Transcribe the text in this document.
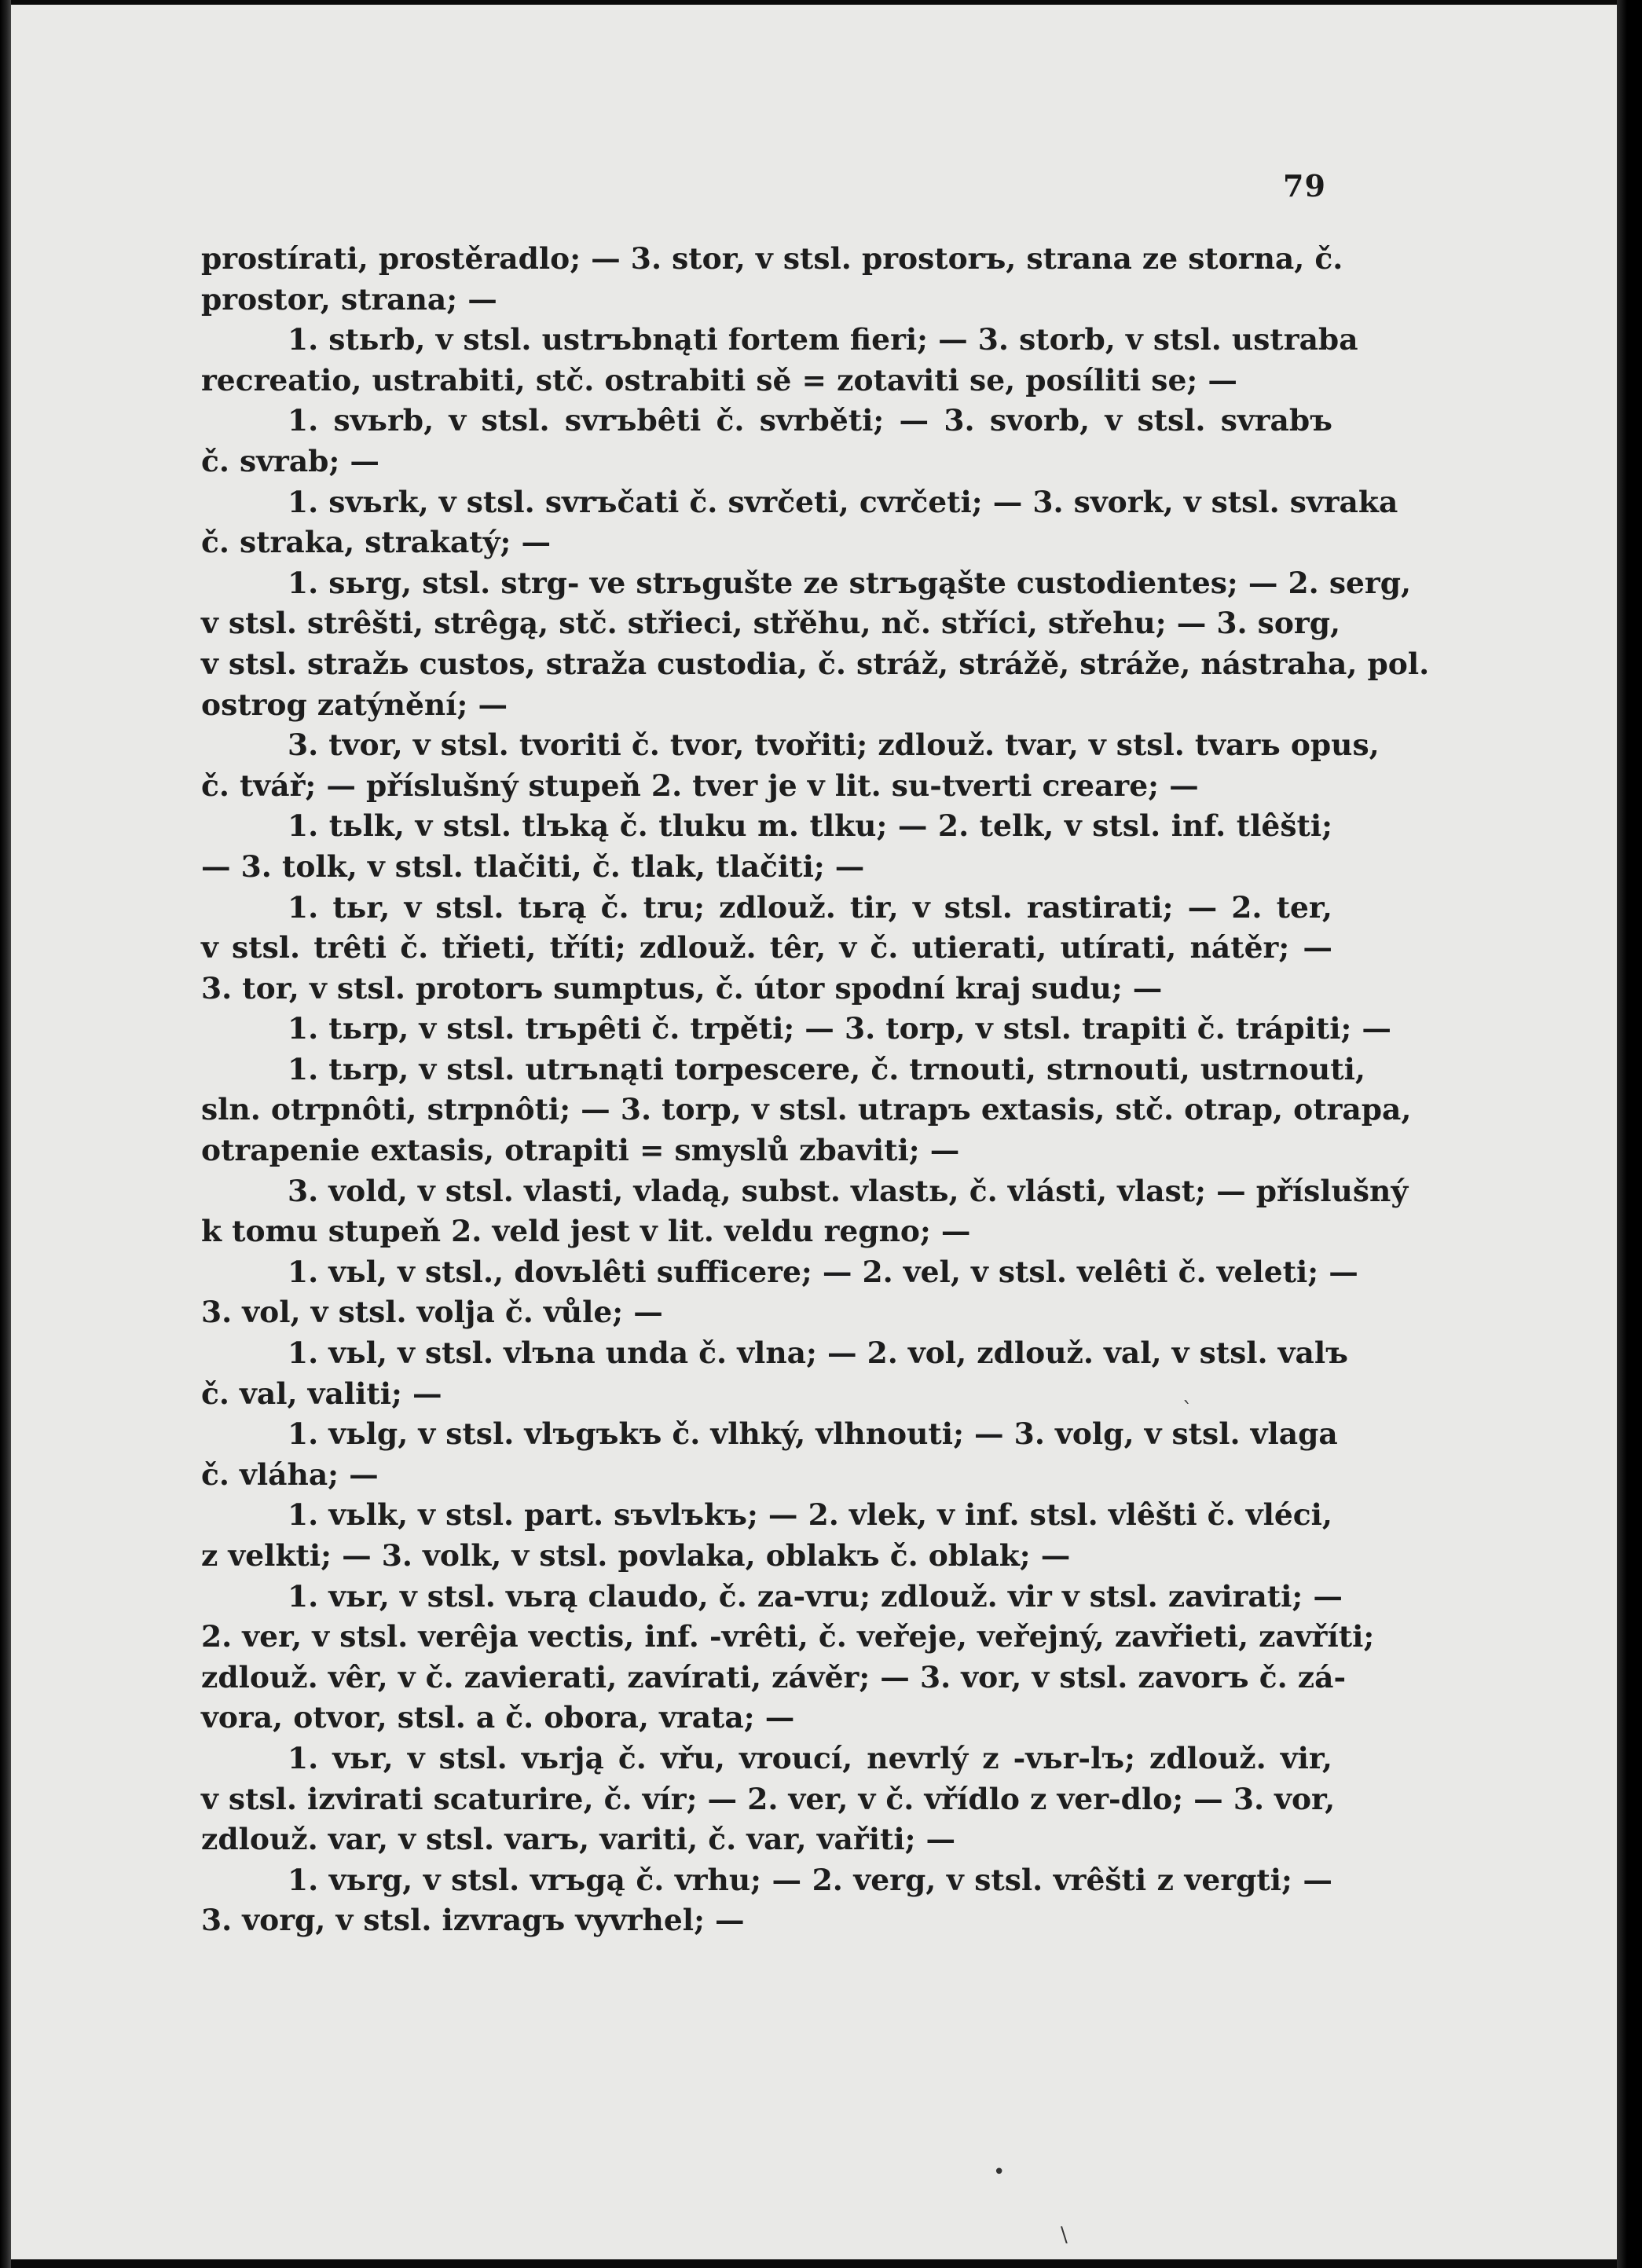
79
prostírati, prostěradlo; — 3. stor, v stsl. prostorъ, strana ze storna, č.
prostor, strana; —
1. stьrb, v stsl. ustrъbnąti fortem fieri; — 3. storb, v stsl. ustraba
recreatio, ustrabiti, stč. ostrabiti sě = zotaviti se, posíliti se; —
1. svьrb, v stsl. svrъbêti č. svrběti; — 3. svorb, v stsl. svrabъ
č. svrab; —
1. svьrk, v stsl. svrъčati č. svrčeti, cvrčeti; — 3. svork, v stsl. svraka
č. straka, strakatý; —
1. sьrg, stsl. strg- ve strьgušte ze strъgąšte custodientes; — 2. serg,
v stsl. strêšti, strêgą, stč. střieci, střěhu, nč. stříci, střehu; — 3. sorg,
v stsl. stražь custos, straža custodia, č. stráž, strážě, stráže, nástraha, pol.
ostrog zatýnění; —
3. tvor, v stsl. tvoriti č. tvor, tvořiti; zdlouž. tvar, v stsl. tvarь opus,
č. tvář; — příslušný stupeň 2. tver je v lit. su-tverti creare; —
1. tьlk, v stsl. tlъką č. tluku m. tlku; — 2. telk, v stsl. inf. tlêšti;
— 3. tolk, v stsl. tlačiti, č. tlak, tlačiti; —
1. tьr, v stsl. tьrą č. tru; zdlouž. tir, v stsl. rastirati; — 2. ter,
v stsl. trêti č. třieti, tříti; zdlouž. têr, v č. utierati, utírati, nátěr; —
3. tor, v stsl. protorъ sumptus, č. útor spodní kraj sudu; —
1. tьrp, v stsl. trъpêti č. trpěti; — 3. torp, v stsl. trapiti č. trápiti; —
1. tьrp, v stsl. utrъnąti torpescere, č. trnouti, strnouti, ustrnouti,
sln. otrpnôti, strpnôti; — 3. torp, v stsl. utrapъ extasis, stč. otrap, otrapa,
otrapenie extasis, otrapiti = smyslů zbaviti; —
3. vold, v stsl. vlasti, vladą, subst. vlastь, č. vlásti, vlast; — příslušný
k tomu stupeň 2. veld jest v lit. veldu regno; —
1. vьl, v stsl., dovьlêti sufficere; — 2. vel, v stsl. velêti č. veleti; —
3. vol, v stsl. volja č. vůle; —
1. vьl, v stsl. vlъna unda č. vlna; — 2. vol, zdlouž. val, v stsl. valъ
č. val, valiti; —
1. vьlg, v stsl. vlъgъkъ č. vlhký, vlhnouti; — 3. volg, v stsl. vlaga
č. vláha; —
1. vьlk, v stsl. part. sъvlъkъ; — 2. vlek, v inf. stsl. vlêšti č. vléci,
z velkti; — 3. volk, v stsl. povlaka, oblakъ č. oblak; —
1. vьr, v stsl. vьrą claudo, č. za-vru; zdlouž. vir v stsl. zavirati; —
2. ver, v stsl. verêja vectis, inf. -vrêti, č. veřeje, veřejný, zavřieti, zavříti;
zdlouž. vêr, v č. zavierati, zavírati, závěr; — 3. vor, v stsl. zavorъ č. zá-
vora, otvor, stsl. a č. obora, vrata; —
1. vьr, v stsl. vьrją č. vřu, vroucí, nevrlý z -vьr-lъ; zdlouž. vir,
v stsl. izvirati scaturire, č. vír; — 2. ver, v č. vřídlo z ver-dlo; — 3. vor,
zdlouž. var, v stsl. varъ, variti, č. var, vařiti; —
1. vьrg, v stsl. vrъgą č. vrhu; — 2. verg, v stsl. vrêšti z vergti; —
3. vorg, v stsl. izvragъ vyvrhel; —
ˋ
•
\
